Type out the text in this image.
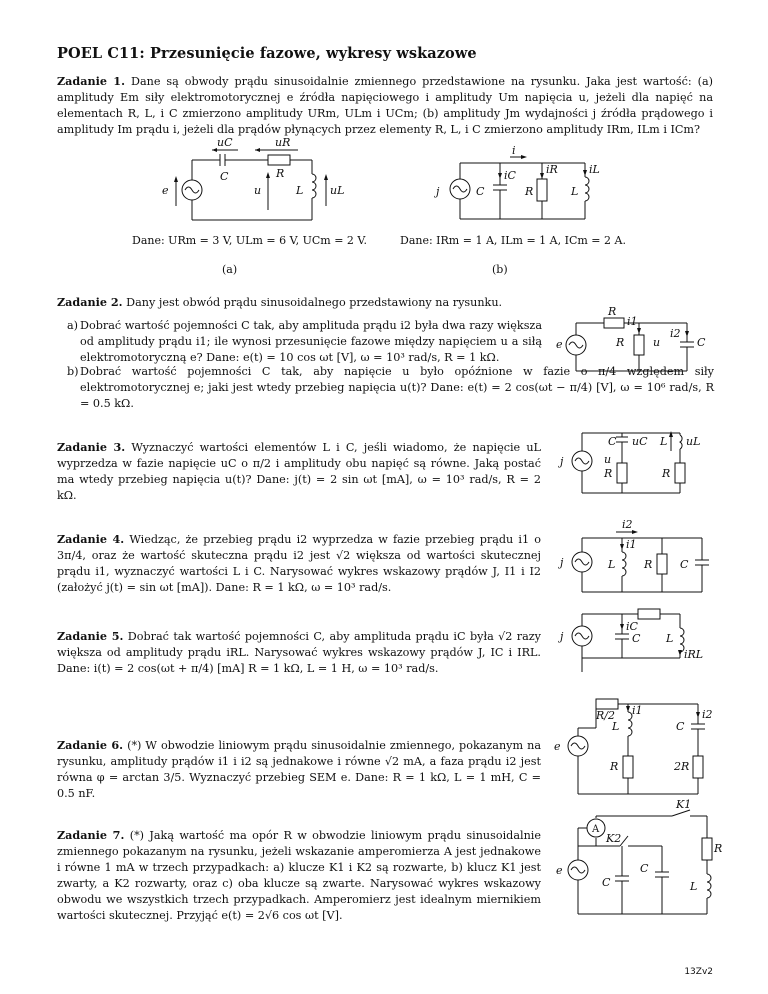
POEL C11: Przesunięcie fazowe, wykresy wskazowe

Zadanie 1. Dane są obwody prądu sinusoidalnie zmiennego przedstawione na rysunku. Jaka jest wartość: (a) amplitudy Em siły elektromotorycznej e źródła napięciowego i amplitudy Um napięcia u, jeżeli dla napięć na elementach R, L, i C zmierzono amplitudy URm, ULm i UCm; (b) amplitudy Jm wydajności j źródła prądowego i amplitudy Im prądu i, jeżeli dla prądów płynących przez elementy R, L, i C zmierzono amplitudy IRm, ILm i ICm?

uC	uR
C	R
e	u	L uL
i
iC	iR	iL
j	C	R	L
Dane: URm = 3 V, ULm = 6 V, UCm = 2 V.	Dane: IRm = 1 A, ILm = 1 A, ICm = 2 A.
(a)	(b)

Zadanie 2. Dany jest obwód prądu sinusoidalnego przedstawiony na rysunku.

a) Dobrać wartość pojemności C tak, aby amplituda prądu i2 była dwa razy większa od amplitudy prądu i1; ile wynosi przesunięcie fazowe między napięciem u a siłą elektromotoryczną e? Dane: e(t) = 10 cos ωt [V], ω = 10³ rad/s, R = 1 kΩ.
b) Dobrać wartość pojemności C tak, aby napięcie u było opóźnione w fazie o π/4 względem siły elektromotorycznej e; jaki jest wtedy przebieg napięcia u(t)? Dane: e(t) = 2 cos(ωt − π/4) [V], ω = 10⁶ rad/s, R = 0.5 kΩ.
R
i1
i2
R	u	C
e

Zadanie 3. Wyznaczyć wartości elementów L i C, jeśli wiadomo, że napięcie uL wyprzedza w fazie napięcie uC o π/2 i amplitudy obu napięć są równe. Jaką postać ma wtedy przebieg napięcia u(t)? Dane: j(t) = 2 sin ωt [mA], ω = 10³ rad/s, R = 2 kΩ.

C uC L uL
u
R	R
j

Zadanie 4. Wiedząc, że przebieg prądu i2 wyprzedza w fazie przebieg prądu i1 o 3π/4, oraz że wartość skuteczna prądu i2 jest √2 większa od wartości skutecznej prądu i1, wyznaczyć wartości L i C. Narysować wykres wskazowy prądów J, I1 i I2 (założyć j(t) = sin ωt [mA]). Dane: R = 1 kΩ, ω = 10³ rad/s.

i2
i1
L	R	C
j

Zadanie 5. Dobrać tak wartość pojemności C, aby amplituda prądu iC była √2 razy większa od amplitudy prądu iRL. Narysować wykres wskazowy prądów J, IC i IRL. Dane: i(t) = 2 cos(ωt + π/4) [mA] R = 1 kΩ, L = 1 H, ω = 10³ rad/s.

iC
C L
iRL
j

Zadanie 6. (*) W obwodzie liniowym prądu sinusoidalnie zmiennego, pokazanym na rysunku, amplitudy prądów i1 i i2 są jednakowe i równe √2 mA, a faza prądu i2 jest równa φ = arctan 3/5. Wyznaczyć przebieg SEM e. Dane: R = 1 kΩ, L = 1 mH, C = 0.5 nF.

R/2 i1	i2
L	C
R	2R
e

Zadanie 7. (*) Jaką wartość ma opór R w obwodzie liniowym prądu sinusoidalnie zmiennego pokazanym na rysunku, jeżeli wskazanie amperomierza A jest jednakowe i równe 1 mA w trzech przypadkach: a) klucze K1 i K2 są rozwarte, b) klucz K1 jest zwarty, a K2 rozwarty, oraz c) oba klucze są zwarte. Narysować wykres wskazowy obwodu we wszystkich trzech przypadkach. Amperomierz jest idealnym miernikiem wartości skutecznej. Przyjąć e(t) = 2√6 cos ωt [V].

A
K1
K2
R
C
C	L
e
13Zv2
